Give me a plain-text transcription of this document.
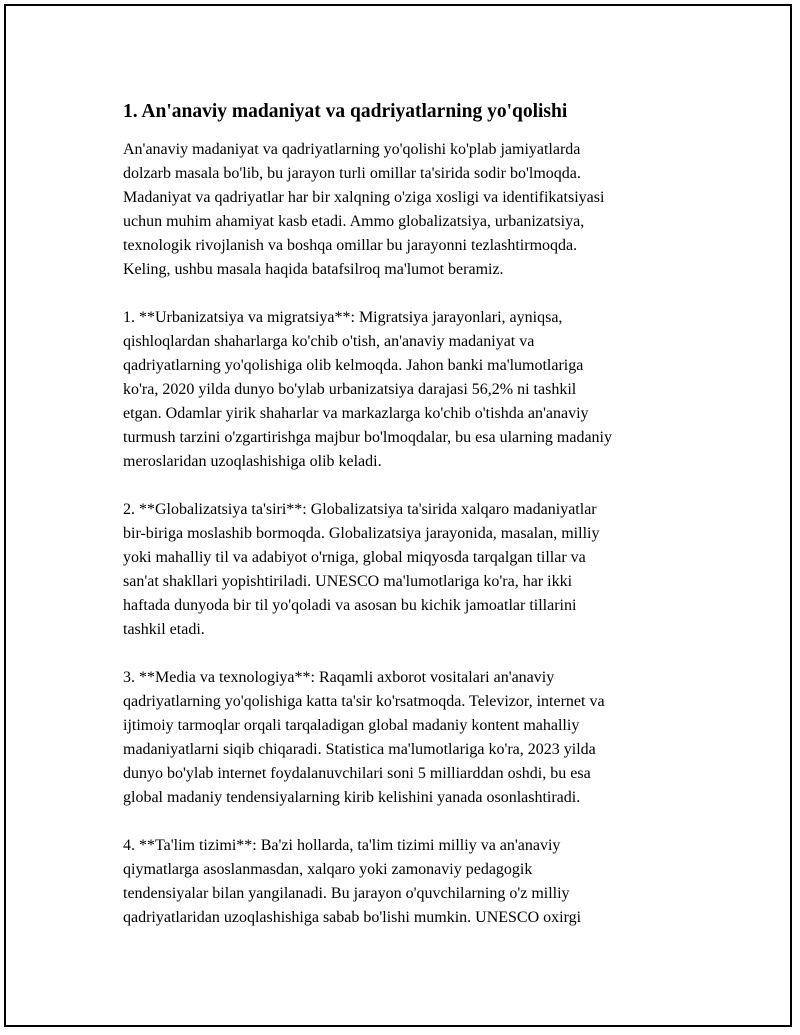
1. An'anaviy madaniyat va qadriyatlarning yo'qolishi

An'anaviy madaniyat va qadriyatlarning yo'qolishi ko'plab jamiyatlarda
dolzarb masala bo'lib, bu jarayon turli omillar ta'sirida sodir bo'lmoqda.
Madaniyat va qadriyatlar har bir xalqning o'ziga xosligi va identifikatsiyasi
uchun muhim ahamiyat kasb etadi. Ammo globalizatsiya, urbanizatsiya,
texnologik rivojlanish va boshqa omillar bu jarayonni tezlashtirmoqda.
Keling, ushbu masala haqida batafsilroq ma'lumot beramiz.

1. **Urbanizatsiya va migratsiya**: Migratsiya jarayonlari, ayniqsa,
qishloqlardan shaharlarga ko'chib o'tish, an'anaviy madaniyat va
qadriyatlarning yo'qolishiga olib kelmoqda. Jahon banki ma'lumotlariga
ko'ra, 2020 yilda dunyo bo'ylab urbanizatsiya darajasi 56,2% ni tashkil
etgan. Odamlar yirik shaharlar va markazlarga ko'chib o'tishda an'anaviy
turmush tarzini o'zgartirishga majbur bo'lmoqdalar, bu esa ularning madaniy
meroslaridan uzoqlashishiga olib keladi.

2. **Globalizatsiya ta'siri**: Globalizatsiya ta'sirida xalqaro madaniyatlar
bir-biriga moslashib bormoqda. Globalizatsiya jarayonida, masalan, milliy
yoki mahalliy til va adabiyot o'rniga, global miqyosda tarqalgan tillar va
san'at shakllari yopishtiriladi. UNESCO ma'lumotlariga ko'ra, har ikki
haftada dunyoda bir til yo'qoladi va asosan bu kichik jamoatlar tillarini
tashkil etadi.

3. **Media va texnologiya**: Raqamli axborot vositalari an'anaviy
qadriyatlarning yo'qolishiga katta ta'sir ko'rsatmoqda. Televizor, internet va
ijtimoiy tarmoqlar orqali tarqaladigan global madaniy kontent mahalliy
madaniyatlarni siqib chiqaradi. Statistica ma'lumotlariga ko'ra, 2023 yilda
dunyo bo'ylab internet foydalanuvchilari soni 5 milliarddan oshdi, bu esa
global madaniy tendensiyalarning kirib kelishini yanada osonlashtiradi.

4. **Ta'lim tizimi**: Ba'zi hollarda, ta'lim tizimi milliy va an'anaviy
qiymatlarga asoslanmasdan, xalqaro yoki zamonaviy pedagogik
tendensiyalar bilan yangilanadi. Bu jarayon o'quvchilarning o'z milliy
qadriyatlaridan uzoqlashishiga sabab bo'lishi mumkin. UNESCO oxirgi
